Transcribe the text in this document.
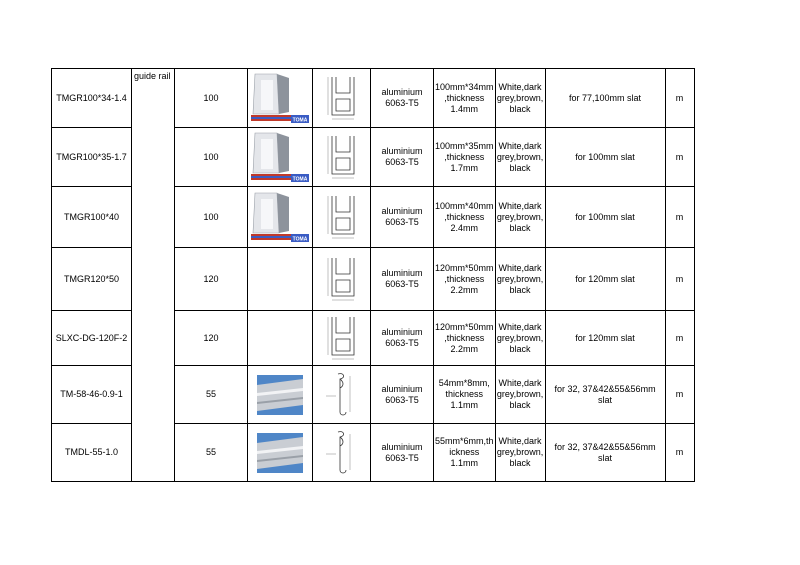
TMGR100*34-1.4	guide rail	100	TOMA		aluminium 6063-T5	100mm*34mm ,thickness 1.4mm	White,dark grey,brown, black	for 77,100mm slat	m
TMGR100*35-1.7		100	TOMA		aluminium 6063-T5	100mm*35mm ,thickness 1.7mm	White,dark grey,brown, black	for 100mm slat	m
TMGR100*40		100	TOMA		aluminium 6063-T5	100mm*40mm ,thickness 2.4mm	White,dark grey,brown, black	for 100mm slat	m
TMGR120*50		120			aluminium 6063-T5	120mm*50mm ,thickness 2.2mm	White,dark grey,brown, black	for 120mm slat	m
SLXC-DG-120F-2		120			aluminium 6063-T5	120mm*50mm ,thickness 2.2mm	White,dark grey,brown, black	for 120mm slat	m
TM-58-46-0.9-1		55			aluminium 6063-T5	54mm*8mm, thickness 1.1mm	White,dark grey,brown, black	for 32, 37&42&55&56mm slat	m
TMDL-55-1.0		55			aluminium 6063-T5	55mm*6mm,th ickness 1.1mm	White,dark grey,brown, black	for 32, 37&42&55&56mm slat	m
